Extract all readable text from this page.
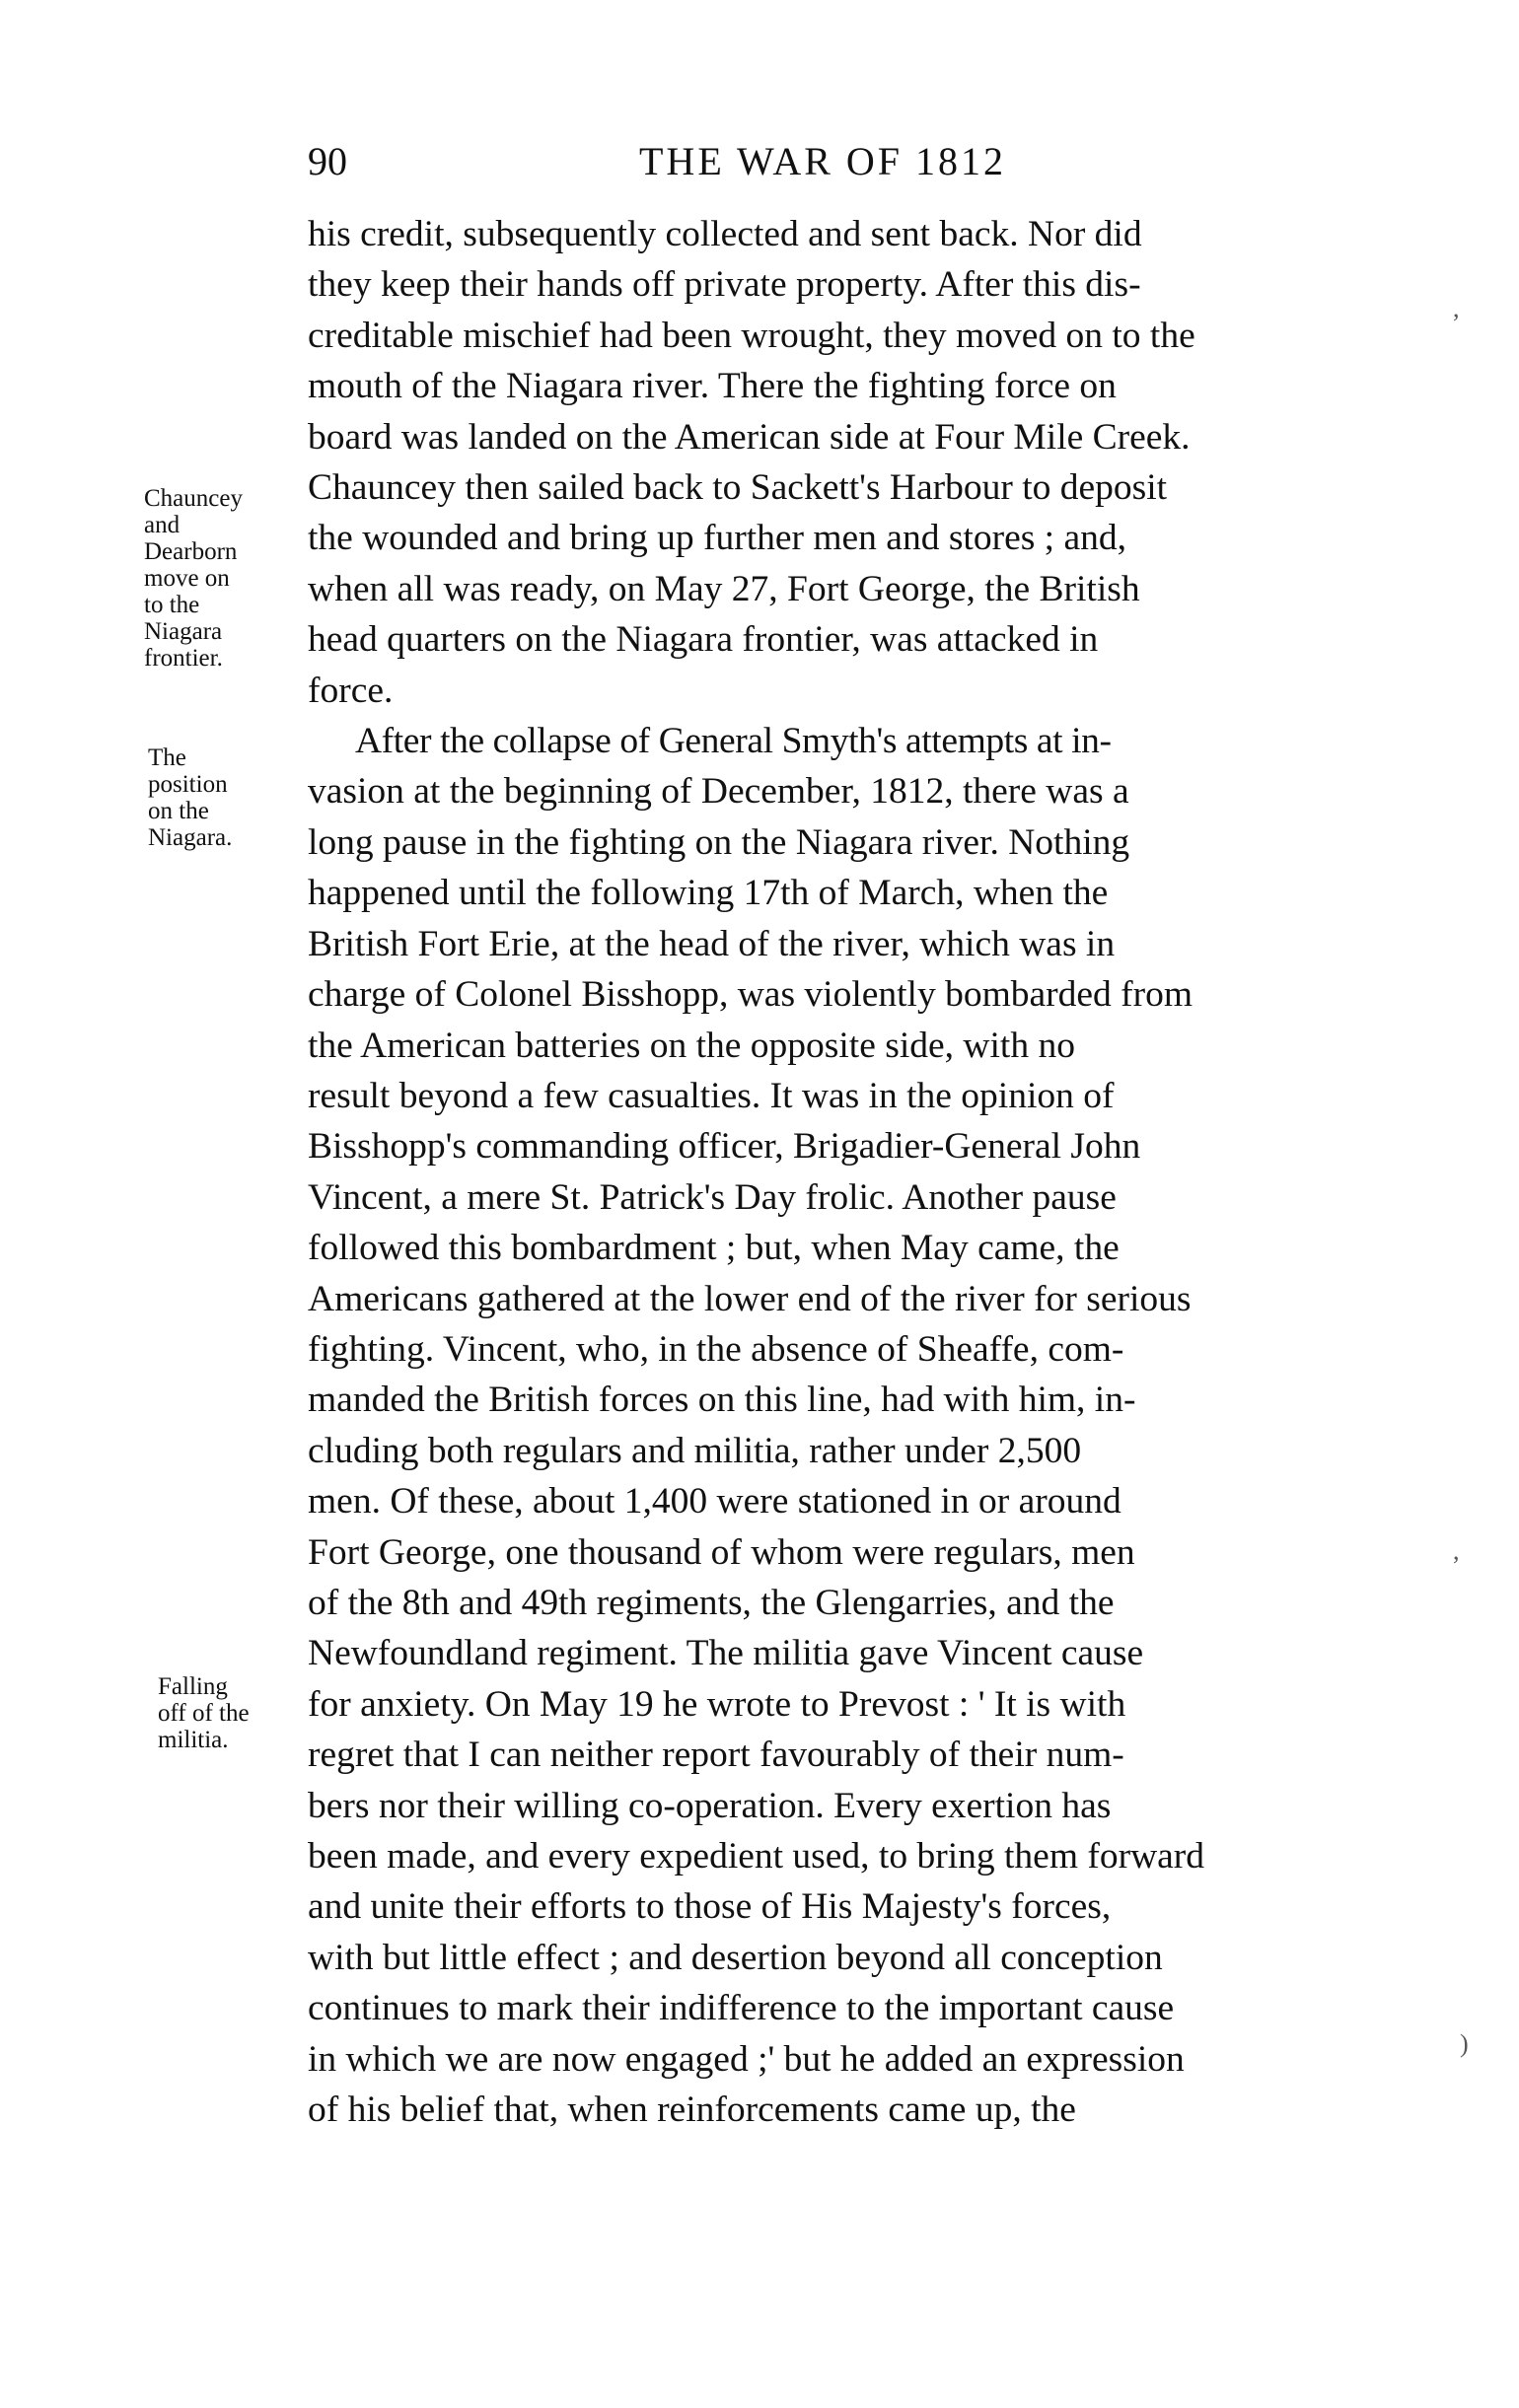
90	THE WAR OF 1812
Chauncey
and
Dearborn
move on
to the
Niagara
frontier.
The
position
on the
Niagara.
Falling
off of the
militia.
his credit, subsequently collected and sent back. Nor did
they keep their hands off private property. After this dis-
creditable mischief had been wrought, they moved on to the
mouth of the Niagara river. There the fighting force on
board was landed on the American side at Four Mile Creek.
Chauncey then sailed back to Sackett's Harbour to deposit
the wounded and bring up further men and stores ; and,
when all was ready, on May 27, Fort George, the British
head quarters on the Niagara frontier, was attacked in
force.
After the collapse of General Smyth's attempts at in-
vasion at the beginning of December, 1812, there was a
long pause in the fighting on the Niagara river. Nothing
happened until the following 17th of March, when the
British Fort Erie, at the head of the river, which was in
charge of Colonel Bisshopp, was violently bombarded from
the American batteries on the opposite side, with no
result beyond a few casualties. It was in the opinion of
Bisshopp's commanding officer, Brigadier-General John
Vincent, a mere St. Patrick's Day frolic. Another pause
followed this bombardment ; but, when May came, the
Americans gathered at the lower end of the river for serious
fighting. Vincent, who, in the absence of Sheaffe, com-
manded the British forces on this line, had with him, in-
cluding both regulars and militia, rather under 2,500
men. Of these, about 1,400 were stationed in or around
Fort George, one thousand of whom were regulars, men
of the 8th and 49th regiments, the Glengarries, and the
Newfoundland regiment. The militia gave Vincent cause
for anxiety. On May 19 he wrote to Prevost : ' It is with
regret that I can neither report favourably of their num-
bers nor their willing co-operation. Every exertion has
been made, and every expedient used, to bring them forward
and unite their efforts to those of His Majesty's forces,
with but little effect ; and desertion beyond all conception
continues to mark their indifference to the important cause
in which we are now engaged ;' but he added an expression
of his belief that, when reinforcements came up, the
,
,
)
